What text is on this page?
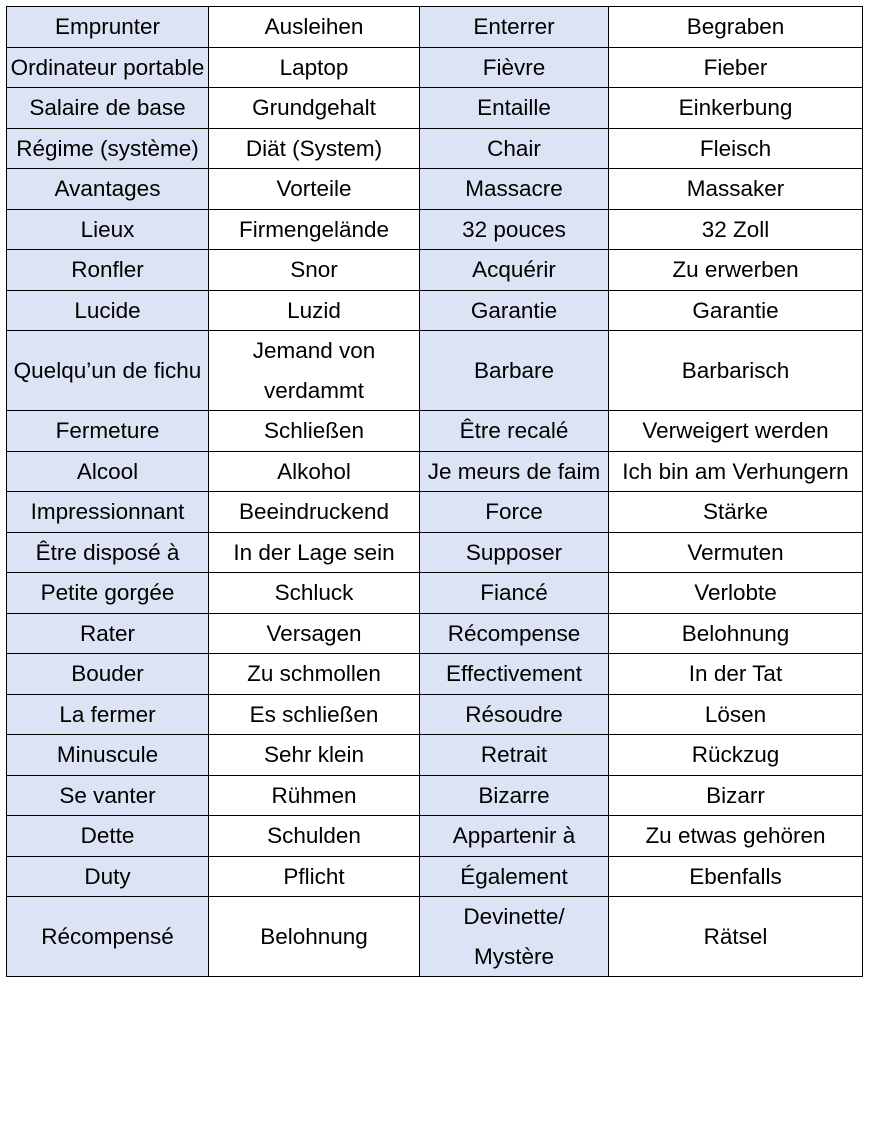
Emprunter	Ausleihen	Enterrer	Begraben
Ordinateur portable	Laptop	Fièvre	Fieber
Salaire de base	Grundgehalt	Entaille	Einkerbung
Régime (système)	Diät (System)	Chair	Fleisch
Avantages	Vorteile	Massacre	Massaker
Lieux	Firmengelände	32 pouces	32 Zoll
Ronfler	Snor	Acquérir	Zu erwerben
Lucide	Luzid	Garantie	Garantie
Quelqu’un de fichu	Jemand von verdammt	Barbare	Barbarisch
Fermeture	Schließen	Être recalé	Verweigert werden
Alcool	Alkohol	Je meurs de faim	Ich bin am Verhungern
Impressionnant	Beeindruckend	Force	Stärke
Être disposé à	In der Lage sein	Supposer	Vermuten
Petite gorgée	Schluck	Fiancé	Verlobte
Rater	Versagen	Récompense	Belohnung
Bouder	Zu schmollen	Effectivement	In der Tat
La fermer	Es schließen	Résoudre	Lösen
Minuscule	Sehr klein	Retrait	Rückzug
Se vanter	Rühmen	Bizarre	Bizarr
Dette	Schulden	Appartenir à	Zu etwas gehören
Duty	Pflicht	Également	Ebenfalls
Récompensé	Belohnung	Devinette/ Mystère	Rätsel
